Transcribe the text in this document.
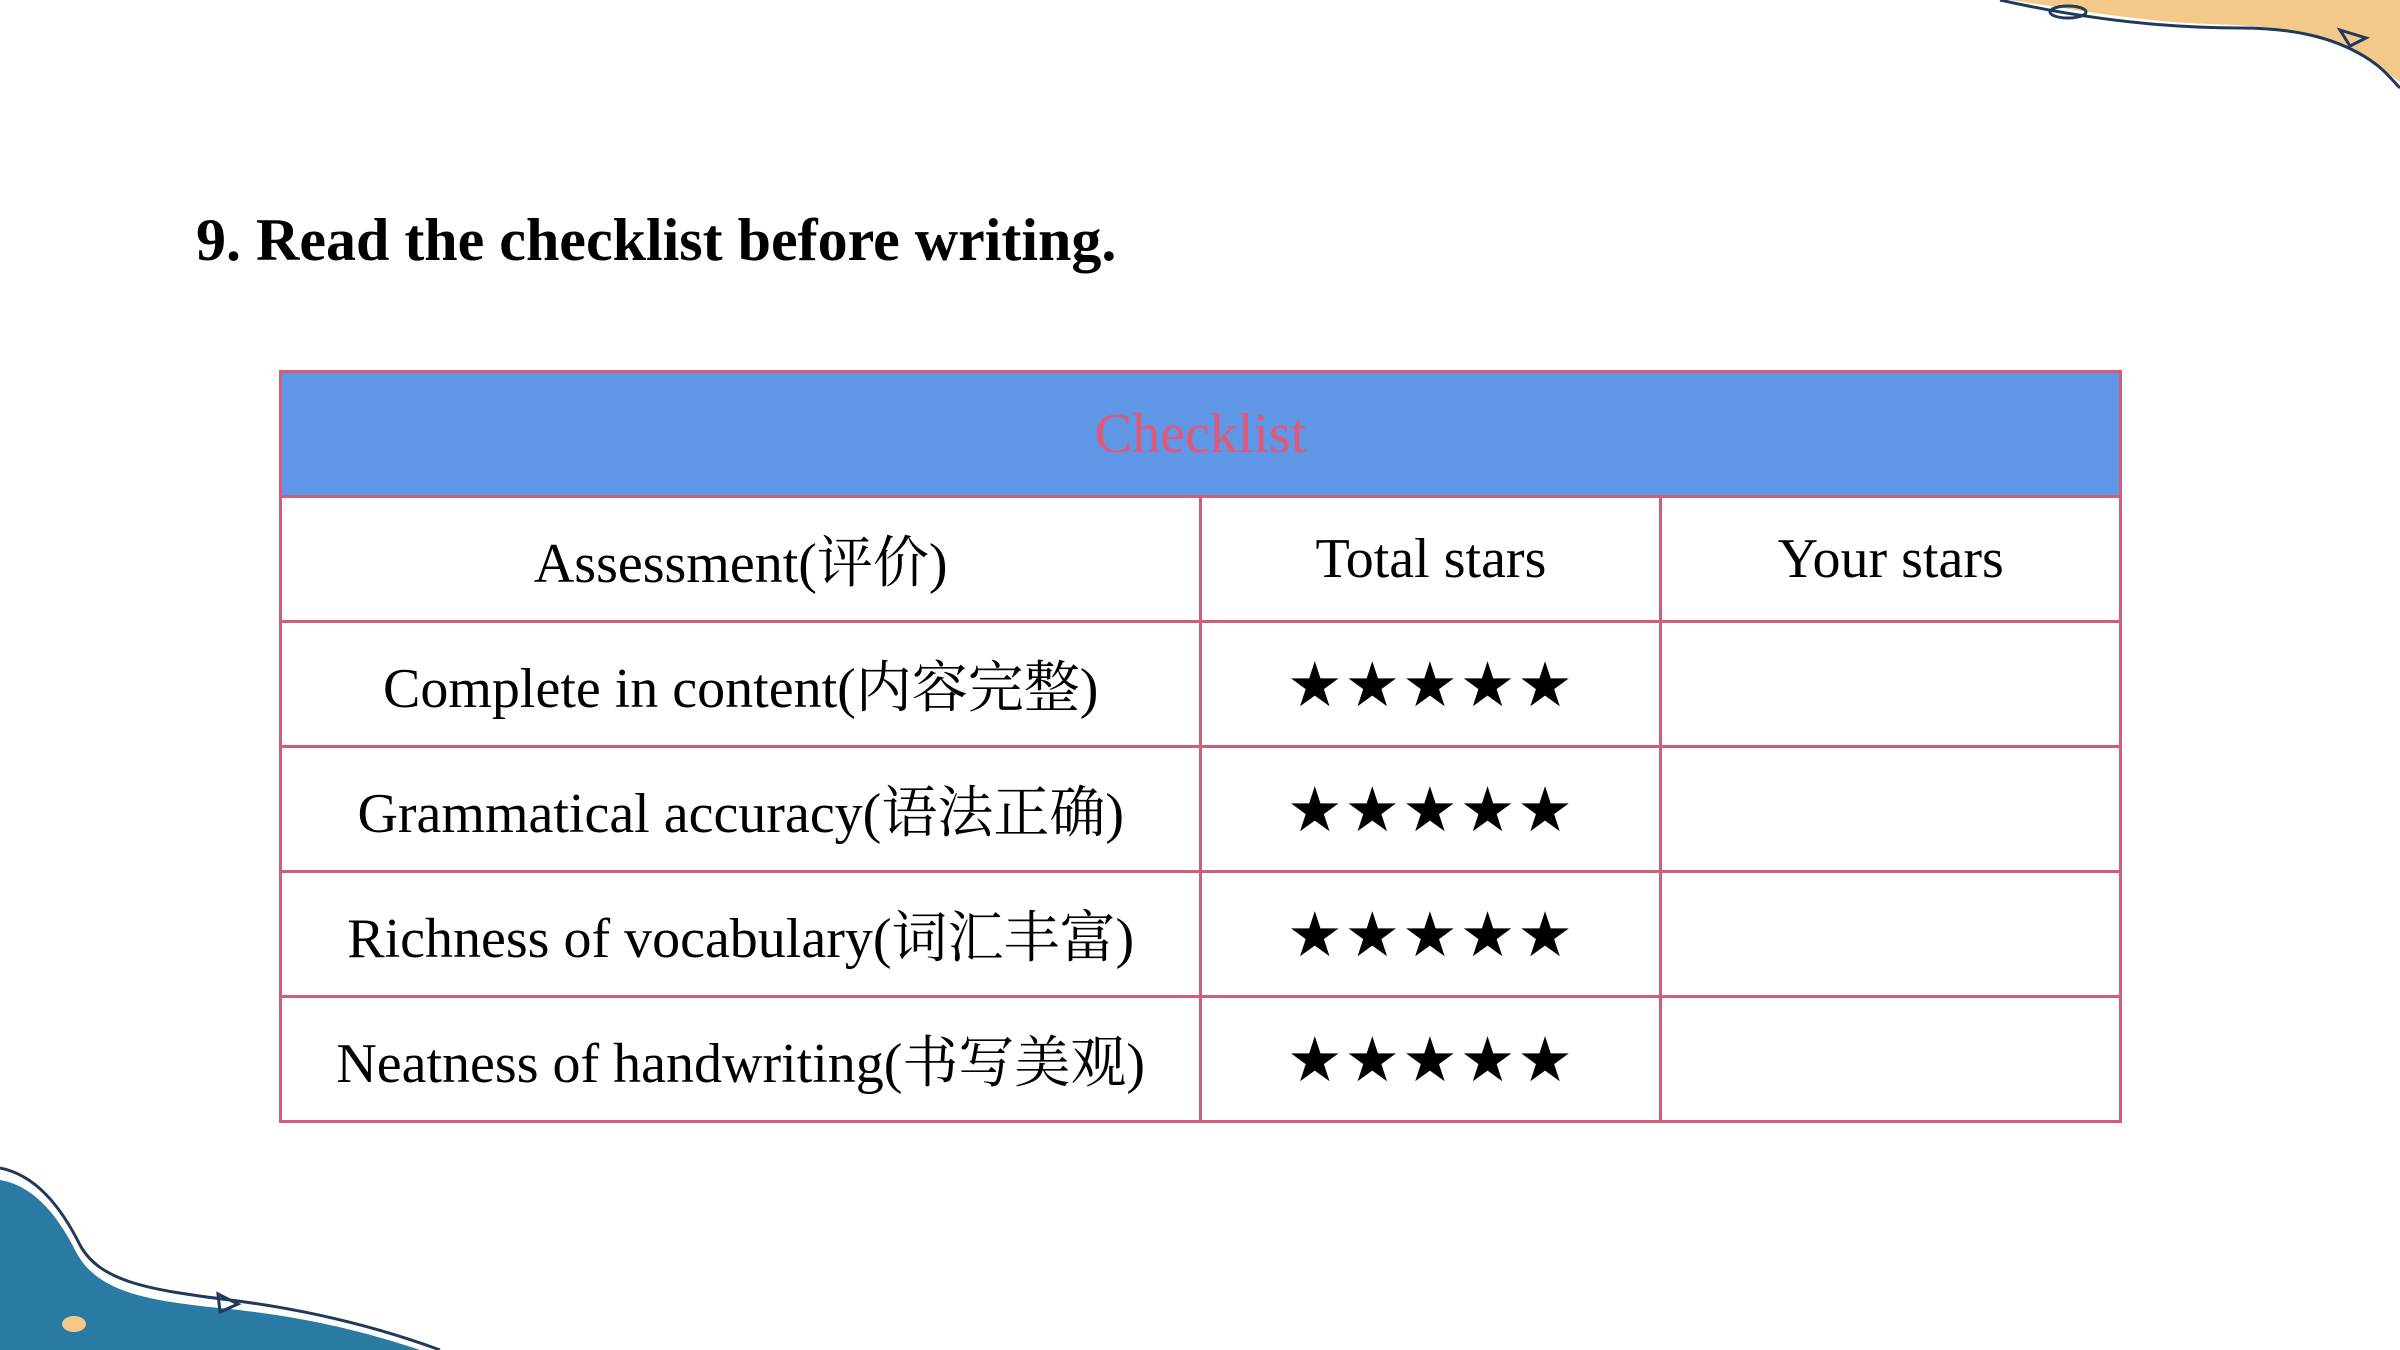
9. Read the checklist before writing.
Checklist		
Assessment(评价)	Total stars	Your stars
Complete in content(内容完整)	★★★★★	
Grammatical accuracy(语法正确)	★★★★★	
Richness of vocabulary(词汇丰富)	★★★★★	
Neatness of handwriting(书写美观)	★★★★★	
